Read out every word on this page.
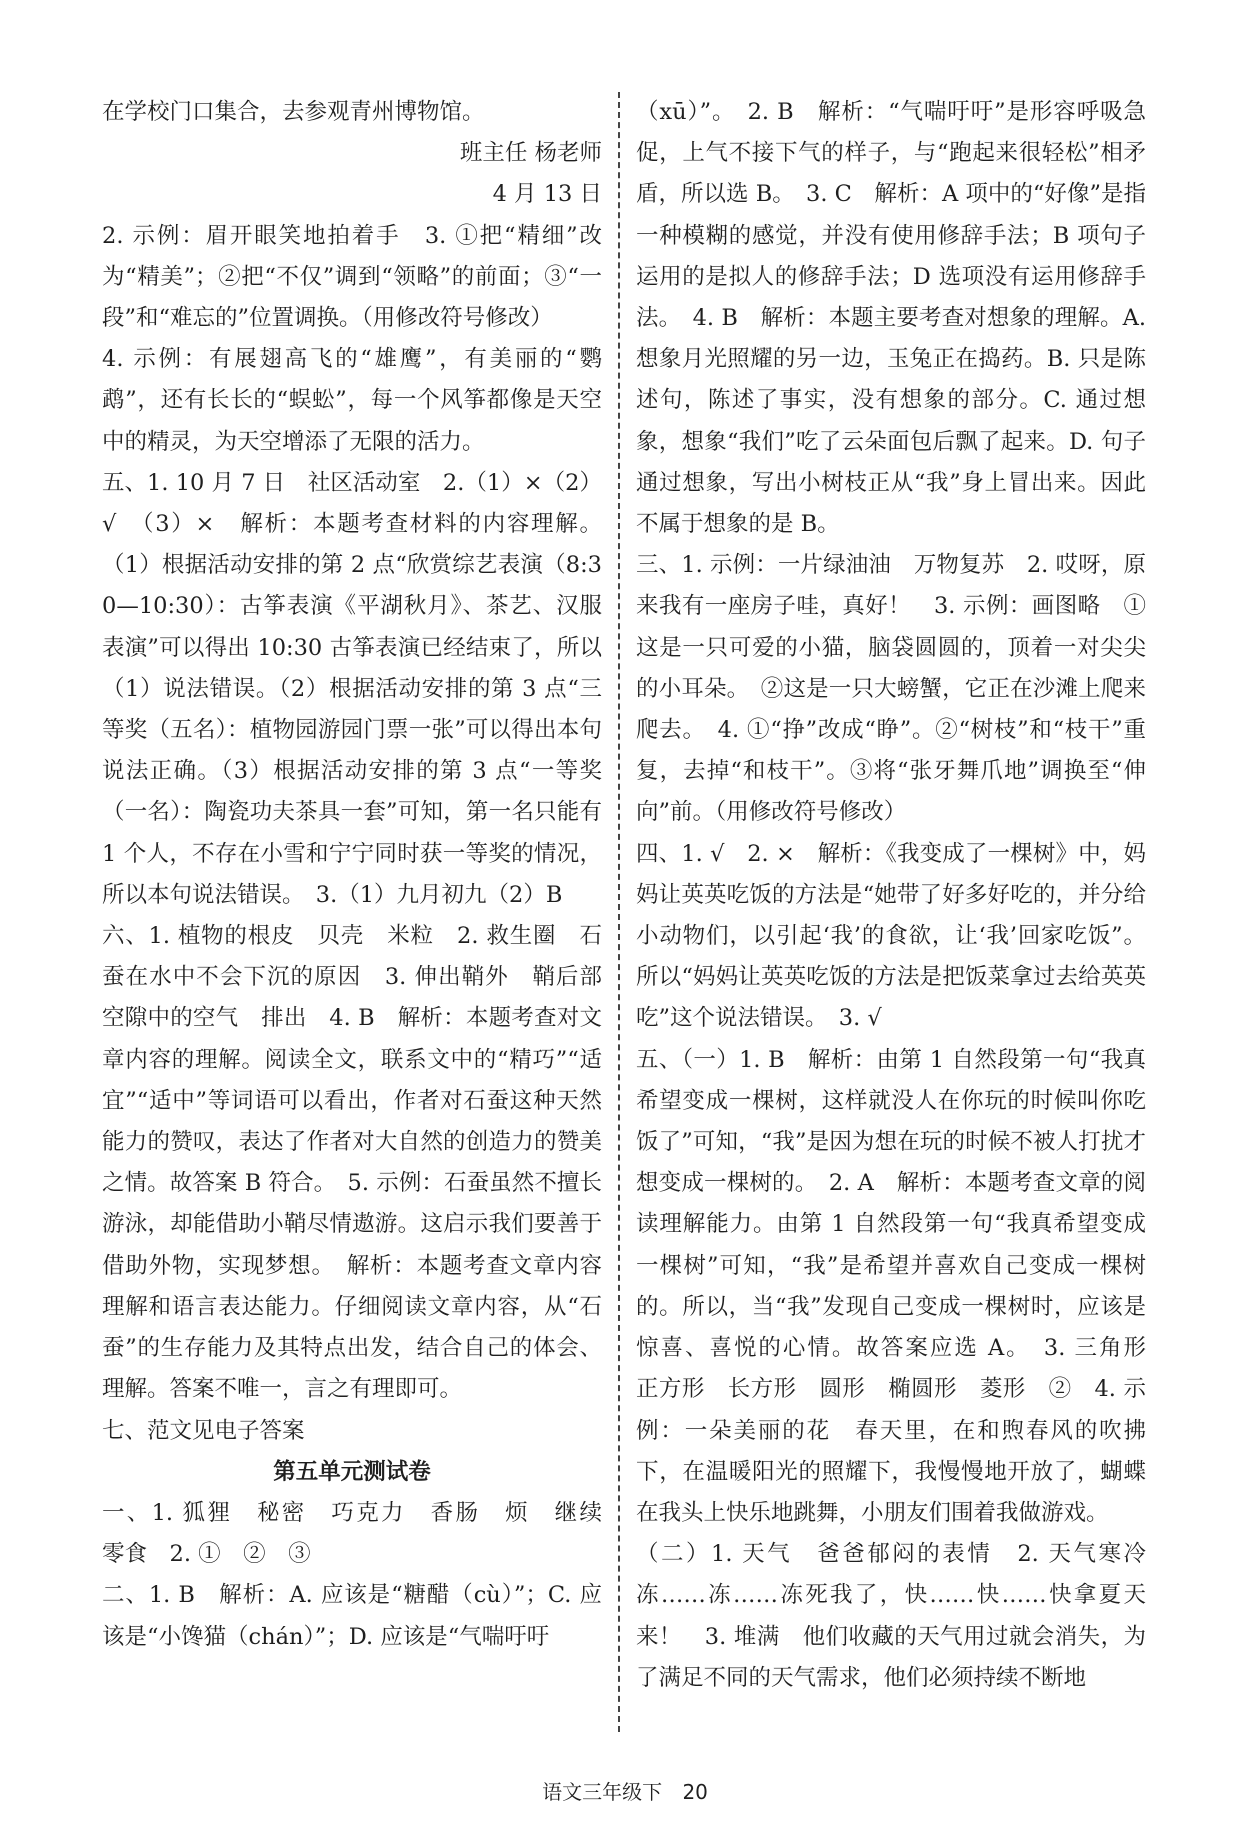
在学校门口集合，去参观青州博物馆。

班主任 杨老师

4 月 13 日

2. 示例：眉开眼笑地拍着手　3. ①把“精细”改为“精美”；②把“不仅”调到“领略”的前面；③“一段”和“难忘的”位置调换。（用修改符号修改）

4. 示例：有展翅高飞的“雄鹰”，有美丽的“鹦鹉”，还有长长的“蜈蚣”，每一个风筝都像是天空中的精灵，为天空增添了无限的活力。

五、1. 10 月 7 日　社区活动室　2.（1）×（2）√　（3）×　解析：本题考查材料的内容理解。（1）根据活动安排的第 2 点“欣赏综艺表演（8:30—10:30）：古筝表演《平湖秋月》、茶艺、汉服表演”可以得出 10:30 古筝表演已经结束了，所以（1）说法错误。（2）根据活动安排的第 3 点“三等奖（五名）：植物园游园门票一张”可以得出本句说法正确。（3）根据活动安排的第 3 点“一等奖（一名）：陶瓷功夫茶具一套”可知，第一名只能有 1 个人，不存在小雪和宁宁同时获一等奖的情况，所以本句说法错误。　3.（1）九月初九（2）B

六、1. 植物的根皮　贝壳　米粒　2. 救生圈　石蚕在水中不会下沉的原因　3. 伸出鞘外　鞘后部空隙中的空气　排出　4. B　解析：本题考查对文章内容的理解。阅读全文，联系文中的“精巧”“适宜”“适中”等词语可以看出，作者对石蚕这种天然能力的赞叹，表达了作者对大自然的创造力的赞美之情。故答案 B 符合。　5. 示例：石蚕虽然不擅长游泳，却能借助小鞘尽情遨游。这启示我们要善于借助外物，实现梦想。　解析：本题考查文章内容理解和语言表达能力。仔细阅读文章内容，从“石蚕”的生存能力及其特点出发，结合自己的体会、理解。答案不唯一，言之有理即可。

七、范文见电子答案

第五单元测试卷

一、1. 狐狸　秘密　巧克力　香肠　烦　继续　零食　2. ①　②　③

二、1. B　解析：A. 应该是“糖醋（cù）”；C. 应该是“小馋猫（chán）”；D. 应该是“气喘吁吁

（xū）”。　2. B　解析：“气喘吁吁”是形容呼吸急促，上气不接下气的样子，与“跑起来很轻松”相矛盾，所以选 B。　3. C　解析：A 项中的“好像”是指一种模糊的感觉，并没有使用修辞手法；B 项句子运用的是拟人的修辞手法；D 选项没有运用修辞手法。　4. B　解析：本题主要考查对想象的理解。A. 想象月光照耀的另一边，玉兔正在捣药。B. 只是陈述句，陈述了事实，没有想象的部分。C. 通过想象，想象“我们”吃了云朵面包后飘了起来。D. 句子通过想象，写出小树枝正从“我”身上冒出来。因此不属于想象的是 B。

三、1. 示例：一片绿油油　万物复苏　2. 哎呀，原来我有一座房子哇，真好！　3. 示例：画图略　①这是一只可爱的小猫，脑袋圆圆的，顶着一对尖尖的小耳朵。　②这是一只大螃蟹，它正在沙滩上爬来爬去。　4. ①“挣”改成“睁”。②“树枝”和“枝干”重复，去掉“和枝干”。③将“张牙舞爪地”调换至“伸向”前。（用修改符号修改）

四、1. √　2. ×　解析：《我变成了一棵树》中，妈妈让英英吃饭的方法是“她带了好多好吃的，并分给小动物们，以引起‘我’的食欲，让‘我’回家吃饭”。所以“妈妈让英英吃饭的方法是把饭菜拿过去给英英吃”这个说法错误。　3. √

五、（一）1. B　解析：由第 1 自然段第一句“我真希望变成一棵树，这样就没人在你玩的时候叫你吃饭了”可知，“我”是因为想在玩的时候不被人打扰才想变成一棵树的。　2. A　解析：本题考查文章的阅读理解能力。由第 1 自然段第一句“我真希望变成一棵树”可知，“我”是希望并喜欢自己变成一棵树的。所以，当“我”发现自己变成一棵树时，应该是惊喜、喜悦的心情。故答案应选 A。　3. 三角形　正方形　长方形　圆形　椭圆形　菱形　②　4. 示例：一朵美丽的花　春天里，在和煦春风的吹拂下，在温暖阳光的照耀下，我慢慢地开放了，蝴蝶在我头上快乐地跳舞，小朋友们围着我做游戏。

（二）1. 天气　爸爸郁闷的表情　2. 天气寒冷　冻……冻……冻死我了，快……快……快拿夏天来！　3. 堆满　他们收藏的天气用过就会消失，为了满足不同的天气需求，他们必须持续不断地

语文三年级下 20
